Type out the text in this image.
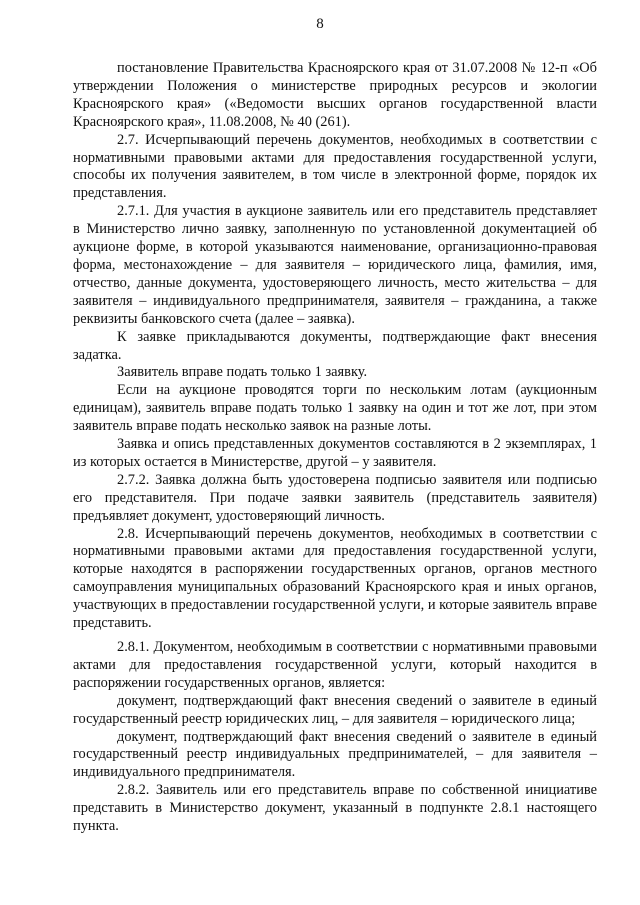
8

постановление Правительства Красноярского края от 31.07.2008 № 12-п «Об утверждении Положения о министерстве природных ресурсов и экологии Красноярского края» («Ведомости высших органов государственной власти Красноярского края», 11.08.2008, № 40 (261).

2.7. Исчерпывающий перечень документов, необходимых в соответствии с нормативными правовыми актами для предоставления государственной услуги, способы их получения заявителем, в том числе в электронной форме, порядок их представления.

2.7.1. Для участия в аукционе заявитель или его представитель представляет в Министерство лично заявку, заполненную по установленной документацией об аукционе форме, в которой указываются наименование, организационно-правовая форма, местонахождение – для заявителя – юридического лица, фамилия, имя, отчество, данные документа, удостоверяющего личность, место жительства – для заявителя – индивидуального предпринимателя, заявителя – гражданина, а также реквизиты банковского счета (далее – заявка).

К заявке прикладываются документы, подтверждающие факт внесения задатка.

Заявитель вправе подать только 1 заявку.

Если на аукционе проводятся торги по нескольким лотам (аукционным единицам), заявитель вправе подать только 1 заявку на один и тот же лот, при этом заявитель вправе подать несколько заявок на разные лоты.

Заявка и опись представленных документов составляются в 2 экземплярах, 1 из которых остается в Министерстве, другой – у заявителя.

2.7.2. Заявка должна быть удостоверена подписью заявителя или подписью его представителя. При подаче заявки заявитель (представитель заявителя) предъявляет документ, удостоверяющий личность.

2.8. Исчерпывающий перечень документов, необходимых в соответствии с нормативными правовыми актами для предоставления государственной услуги, которые находятся в распоряжении государственных органов, органов местного самоуправления муниципальных образований Красноярского края и иных органов, участвующих в предоставлении государственной услуги, и которые заявитель вправе представить.

2.8.1. Документом, необходимым в соответствии с нормативными правовыми актами для предоставления государственной услуги, который находится в распоряжении государственных органов, является:

документ, подтверждающий факт внесения сведений о заявителе в единый государственный реестр юридических лиц, – для заявителя – юридического лица;

документ, подтверждающий факт внесения сведений о заявителе в единый государственный реестр индивидуальных предпринимателей, – для заявителя – индивидуального предпринимателя.

2.8.2. Заявитель или его представитель вправе по собственной инициативе представить в Министерство документ, указанный в подпункте 2.8.1 настоящего пункта.
